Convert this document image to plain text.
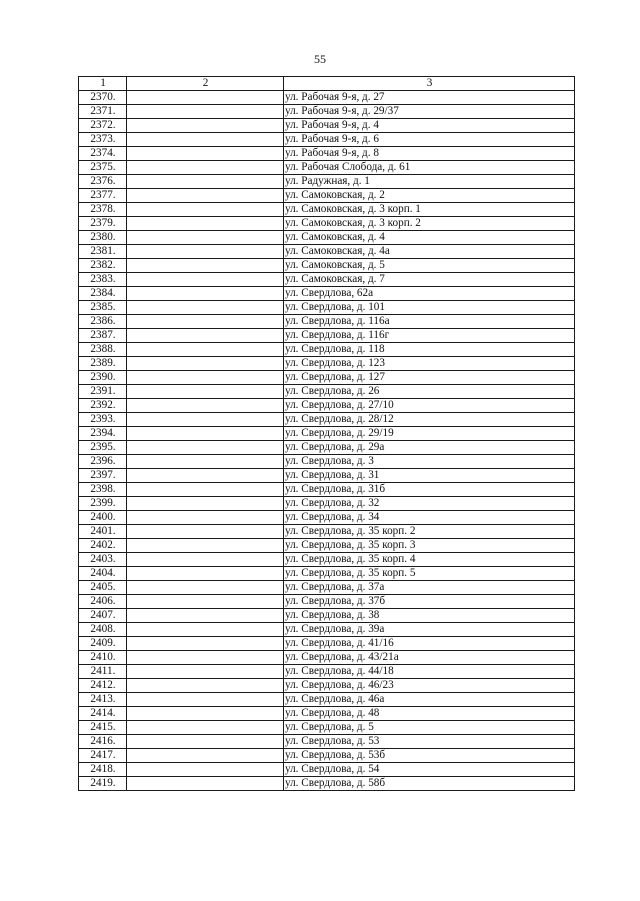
55
1	2	3
2370.		ул. Рабочая 9-я, д. 27
2371.		ул. Рабочая 9-я, д. 29/37
2372.		ул. Рабочая 9-я, д. 4
2373.		ул. Рабочая 9-я, д. 6
2374.		ул. Рабочая 9-я, д. 8
2375.		ул. Рабочая Слобода, д. 61
2376.		ул. Радужная, д. 1
2377.		ул. Самоковская, д. 2
2378.		ул. Самоковская, д. 3 корп. 1
2379.		ул. Самоковская, д. 3 корп. 2
2380.		ул. Самоковская, д. 4
2381.		ул. Самоковская, д. 4а
2382.		ул. Самоковская, д. 5
2383.		ул. Самоковская, д. 7
2384.		ул. Свердлова, 62а
2385.		ул. Свердлова, д. 101
2386.		ул. Свердлова, д. 116а
2387.		ул. Свердлова, д. 116г
2388.		ул. Свердлова, д. 118
2389.		ул. Свердлова, д. 123
2390.		ул. Свердлова, д. 127
2391.		ул. Свердлова, д. 26
2392.		ул. Свердлова, д. 27/10
2393.		ул. Свердлова, д. 28/12
2394.		ул. Свердлова, д. 29/19
2395.		ул. Свердлова, д. 29а
2396.		ул. Свердлова, д. 3
2397.		ул. Свердлова, д. 31
2398.		ул. Свердлова, д. 31б
2399.		ул. Свердлова, д. 32
2400.		ул. Свердлова, д. 34
2401.		ул. Свердлова, д. 35 корп. 2
2402.		ул. Свердлова, д. 35 корп. 3
2403.		ул. Свердлова, д. 35 корп. 4
2404.		ул. Свердлова, д. 35 корп. 5
2405.		ул. Свердлова, д. 37а
2406.		ул. Свердлова, д. 37б
2407.		ул. Свердлова, д. 38
2408.		ул. Свердлова, д. 39а
2409.		ул. Свердлова, д. 41/16
2410.		ул. Свердлова, д. 43/21а
2411.		ул. Свердлова, д. 44/18
2412.		ул. Свердлова, д. 46/23
2413.		ул. Свердлова, д. 46а
2414.		ул. Свердлова, д. 48
2415.		ул. Свердлова, д. 5
2416.		ул. Свердлова, д. 53
2417.		ул. Свердлова, д. 53б
2418.		ул. Свердлова, д. 54
2419.		ул. Свердлова, д. 58б
